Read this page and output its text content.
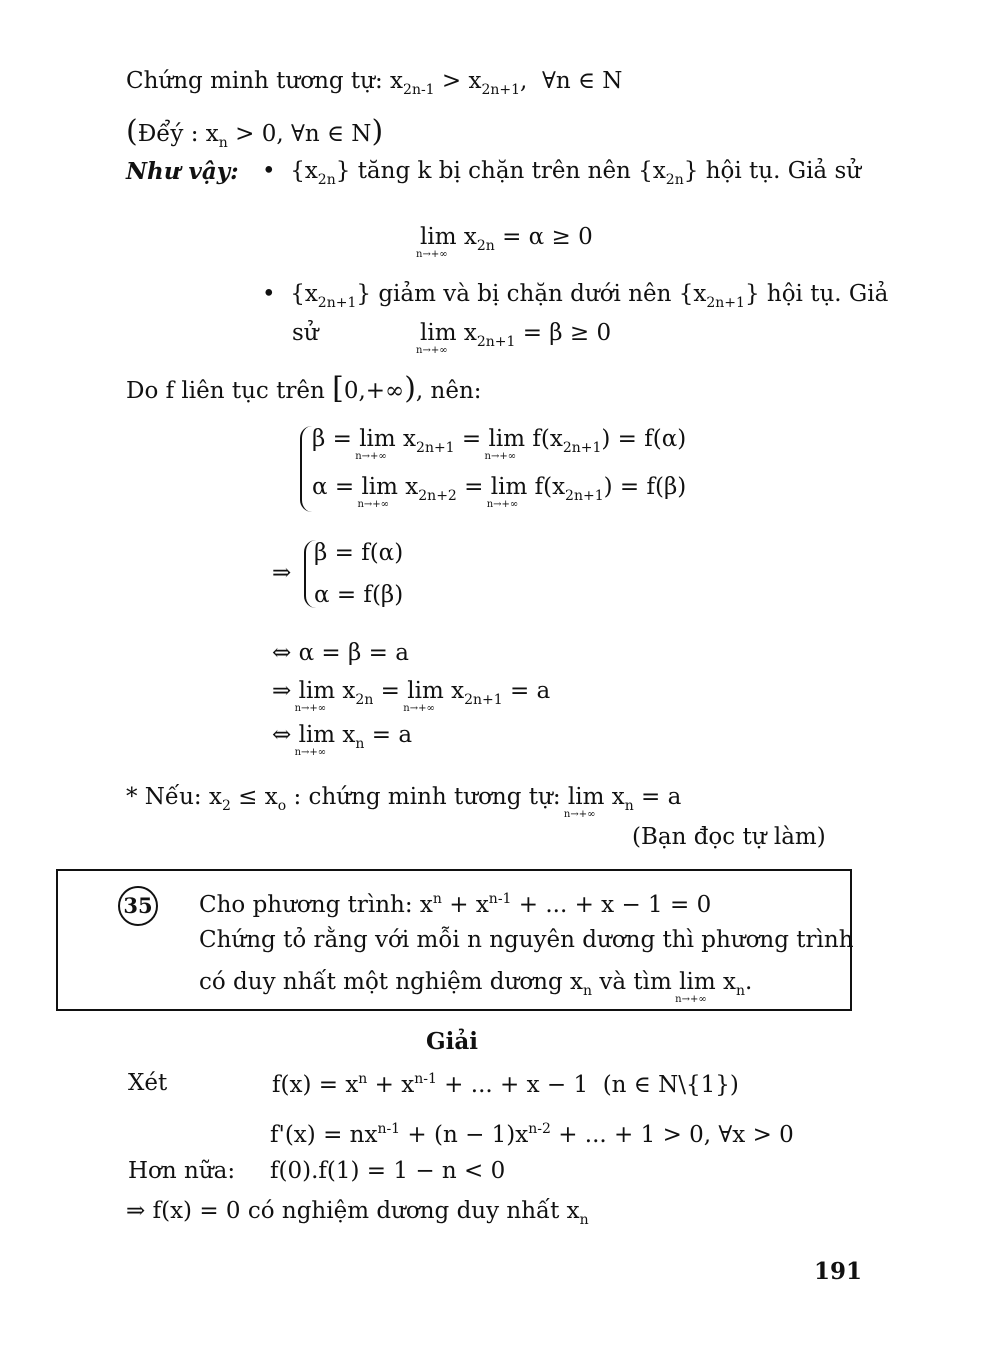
Chứng minh tương tự: $x_{2n-1} > x_{2n+1}$,  ∀n ∈ N
(Đểý : $x_n > 0$, ∀n ∈ N)
Như vậy: •  $\{x_{2n}\}$ tăng k bị chặn trên nên $\{x_{2n}\}$ hội tụ. Giả sử
lim
n→+∞
$x_{2n} = \alpha \ge 0$
•  $\{x_{2n+1}\}$ giảm và bị chặn dưới nên $\{x_{2n+1}\}$ hội tụ. Giả
sử	lim
n→+∞
$x_{2n+1} = \beta \ge 0$
Do f liên tục trên [0,+∞), nên:
β = lim
n→+∞
$x_{2n+1} = \lim$
n→+∞
$f(x_{2n+1}) = f(\alpha)$
α = lim
n→+∞
$x_{2n+2} = \lim$
n→+∞
$f(x_{2n+1}) = f(\beta)$
⇒
β = f(α)
α = f(β)
⇔ α = β = a
⇒ lim
n→+∞
$x_{2n} = \lim$
n→+∞
$x_{2n+1} = a$
⇔ lim
n→+∞
$x_n = a$
* Nếu: $x_2 \le x_o$ : chứng minh tương tự: lim
n→+∞
$x_n = a$
(Bạn đọc tự làm)
35 Cho phương trình: $x^n + x^{n-1}$ + ... + x − 1 = 0
Chứng tỏ rằng với mỗi n nguyên dương thì phương trình
có duy nhất một nghiệm dương $x_n$ và tìm lim
n→+∞
$x_n$.
Giải
Xét	$f(x) = x^n + x^{n-1}$ + ... + x − 1  (n ∈ N\{1})
$f'(x) = nx^{n-1} + (n - 1)x^{n-2}$ + ... + 1 > 0, ∀x > 0
Hơn nữa: f(0).f(1) = 1 − n < 0
⇒ f(x) = 0 có nghiệm dương duy nhất $x_n$
191
